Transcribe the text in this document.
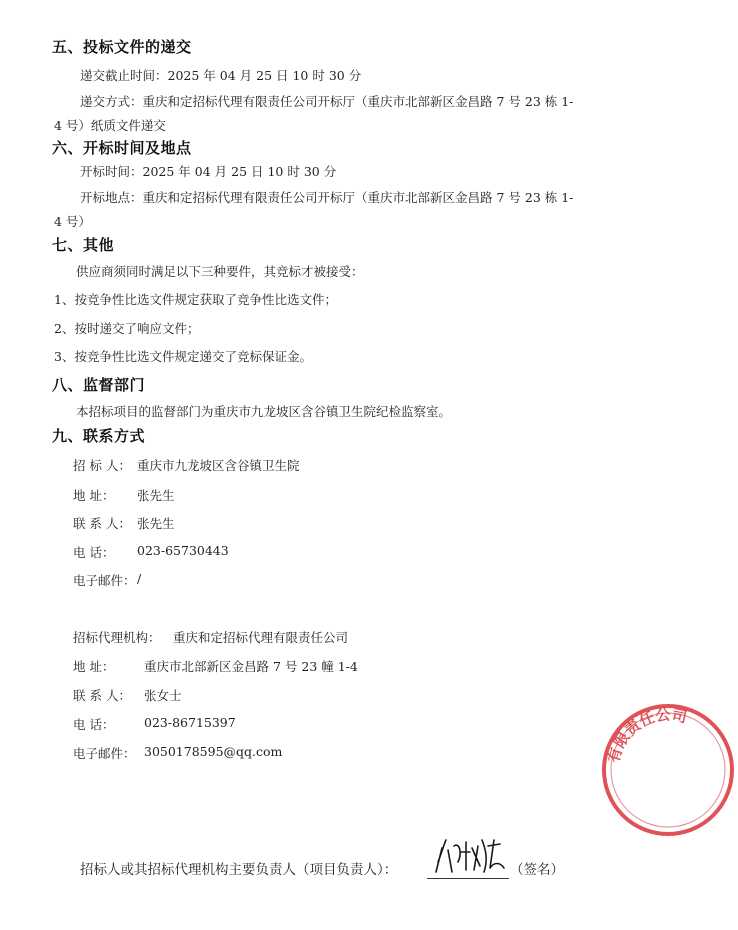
五、投标文件的递交
递交截止时间：2025 年 04 月 25 日 10 时 30 分
递交方式：重庆和定招标代理有限责任公司开标厅（重庆市北部新区金昌路 7 号 23 栋 1-
4 号）纸质文件递交
六、开标时间及地点
开标时间：2025 年 04 月 25 日 10 时 30 分
开标地点：重庆和定招标代理有限责任公司开标厅（重庆市北部新区金昌路 7 号 23 栋 1-
4 号）
七、其他
供应商须同时满足以下三种要件，其竞标才被接受：
1、按竞争性比选文件规定获取了竞争性比选文件；
2、按时递交了响应文件；
3、按竞争性比选文件规定递交了竞标保证金。
八、监督部门
本招标项目的监督部门为重庆市九龙坡区含谷镇卫生院纪检监察室。
九、联系方式
招 标 人： 重庆市九龙坡区含谷镇卫生院
地 址： 张先生
联 系 人： 张先生
电 话： 023-65730443
电子邮件： /
招标代理机构： 重庆和定招标代理有限责任公司
地 址： 重庆市北部新区金昌路 7 号 23 幢 1-4
联 系 人： 张女士
电 话： 023-86715397
电子邮件： 3050178595@qq.com
招标人或其招标代理机构主要负责人（项目负责人）：	（签名）
有限责任公司
